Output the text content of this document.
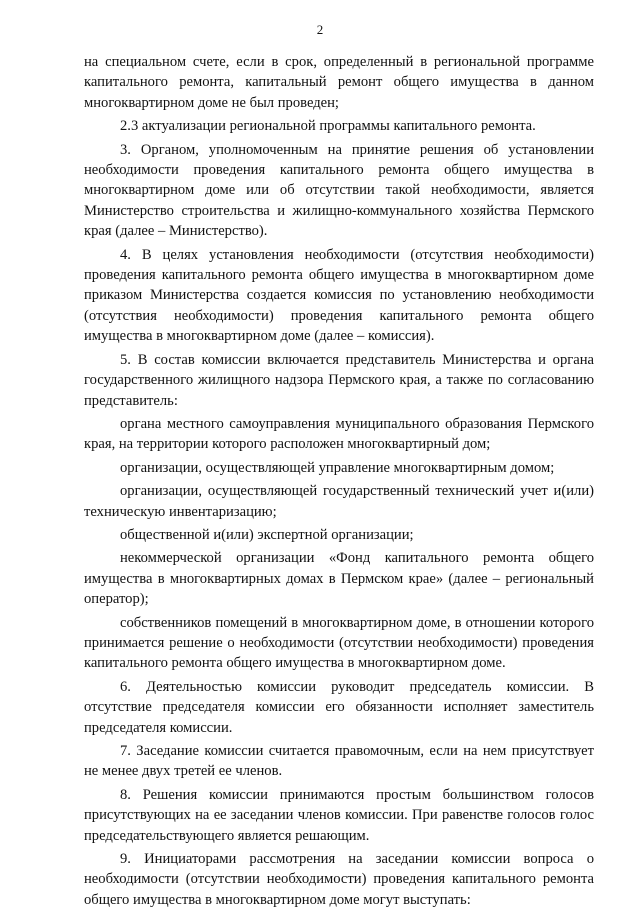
2

на специальном счете, если в срок, определенный в региональной программе капитального ремонта, капитальный ремонт общего имущества в данном многоквартирном доме не был проведен;

2.3 актуализации региональной программы капитального ремонта.

3. Органом, уполномоченным на принятие решения об установлении необходимости проведения капитального ремонта общего имущества в многоквартирном доме или об отсутствии такой необходимости, является Министерство строительства и жилищно-коммунального хозяйства Пермского края (далее – Министерство).

4. В целях установления необходимости (отсутствия необходимости) проведения капитального ремонта общего имущества в многоквартирном доме приказом Министерства создается комиссия по установлению необходимости (отсутствия необходимости) проведения капитального ремонта общего имущества в многоквартирном доме (далее – комиссия).

5. В состав комиссии включается представитель Министерства и органа государственного жилищного надзора Пермского края, а также по согласованию представитель:

органа местного самоуправления муниципального образования Пермского края, на территории которого расположен многоквартирный дом;

организации, осуществляющей управление многоквартирным домом;

организации, осуществляющей государственный технический учет и(или) техническую инвентаризацию;

общественной и(или) экспертной организации;

некоммерческой организации «Фонд капитального ремонта общего имущества в многоквартирных домах в Пермском крае» (далее – региональный оператор);

собственников помещений в многоквартирном доме, в отношении которого принимается решение о необходимости (отсутствии необходимости) проведения капитального ремонта общего имущества в многоквартирном доме.

6. Деятельностью комиссии руководит председатель комиссии. В отсутствие председателя комиссии его обязанности исполняет заместитель председателя комиссии.

7. Заседание комиссии считается правомочным, если на нем присутствует не менее двух третей ее членов.

8. Решения комиссии принимаются простым большинством голосов присутствующих на ее заседании членов комиссии. При равенстве голосов голос председательствующего является решающим.

9. Инициаторами рассмотрения на заседании комиссии вопроса о необходимости (отсутствии необходимости) проведения капитального ремонта общего имущества в многоквартирном доме могут выступать:
